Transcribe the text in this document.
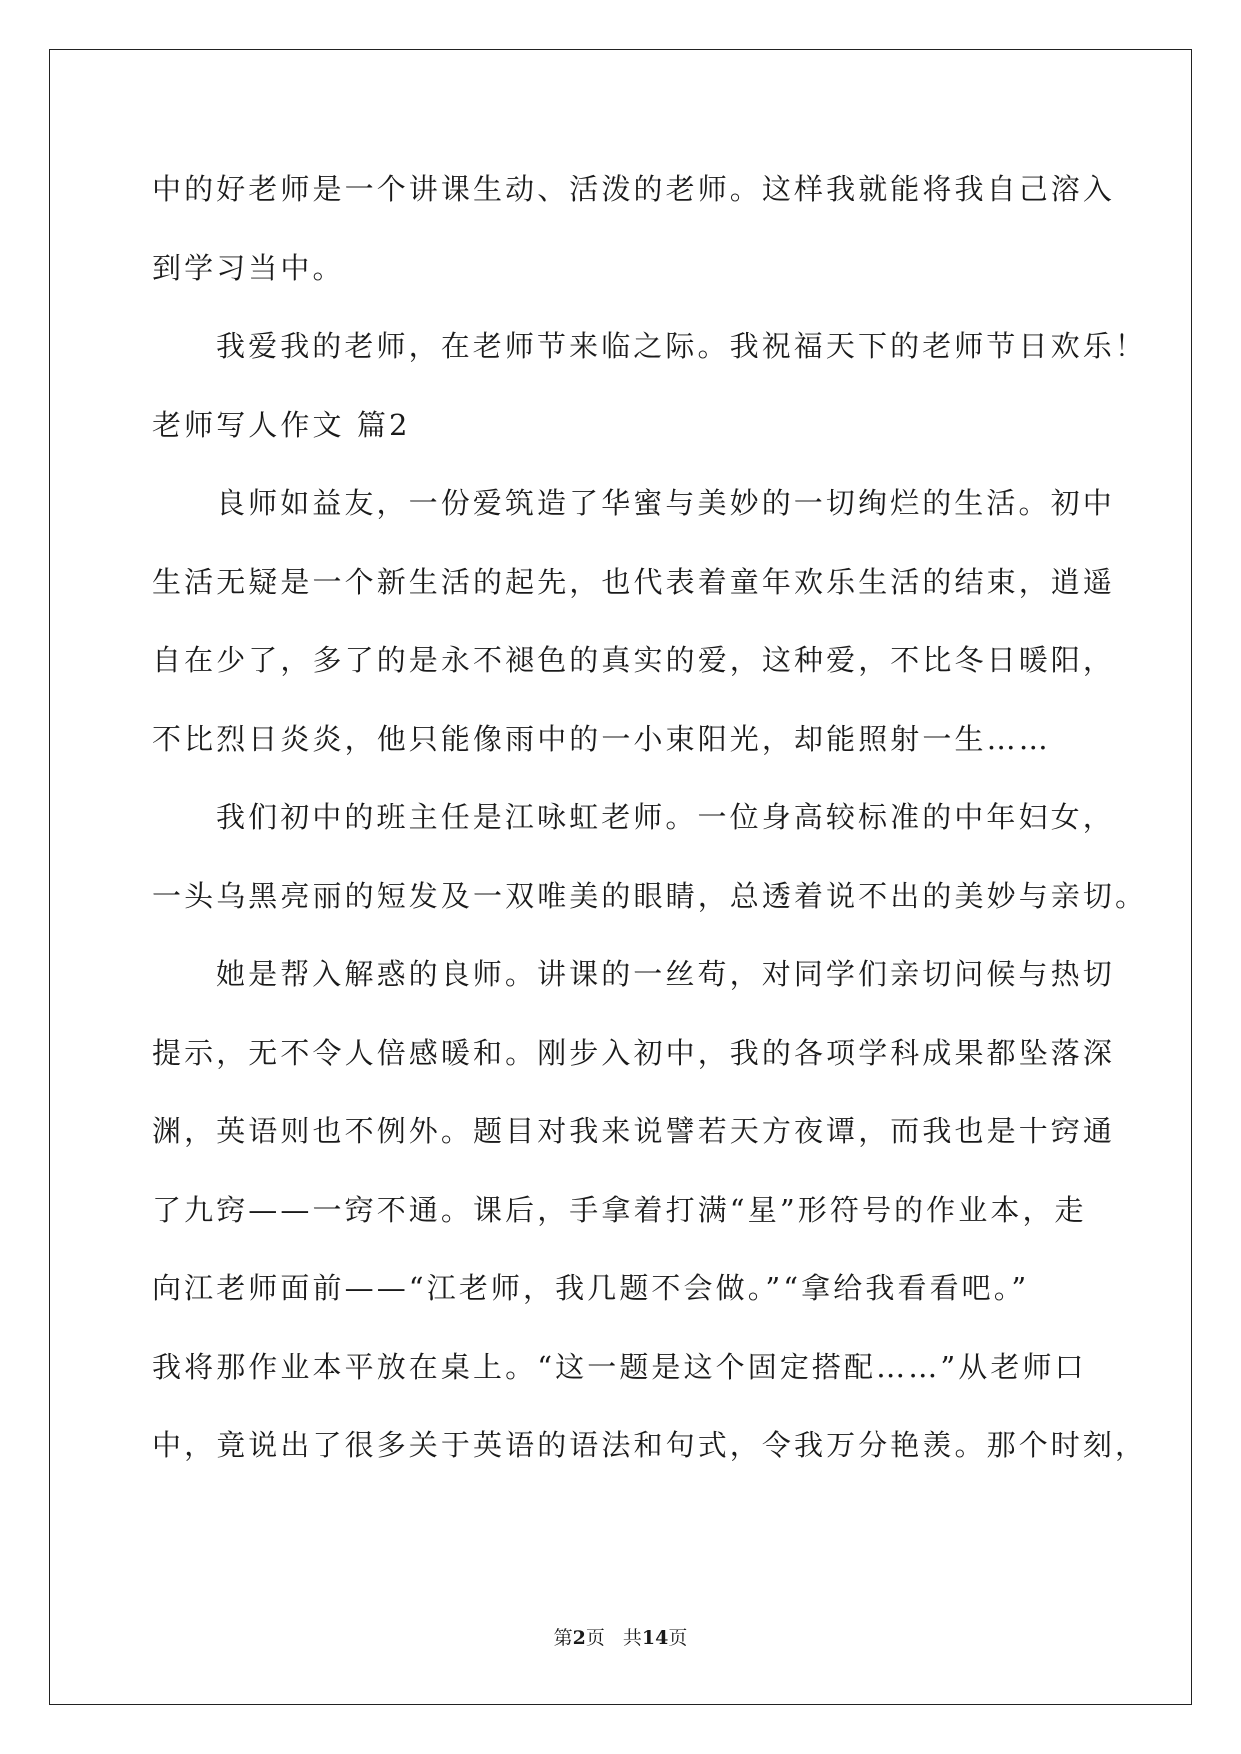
中的好老师是一个讲课生动、活泼的老师。这样我就能将我自己溶入
到学习当中。
我爱我的老师，在老师节来临之际。我祝福天下的老师节日欢乐！
老师写人作文 篇2
良师如益友，一份爱筑造了华蜜与美妙的一切绚烂的生活。初中
生活无疑是一个新生活的起先，也代表着童年欢乐生活的结束，逍遥
自在少了，多了的是永不褪色的真实的爱，这种爱，不比冬日暖阳，
不比烈日炎炎，他只能像雨中的一小束阳光，却能照射一生……
我们初中的班主任是江咏虹老师。一位身高较标准的中年妇女，
一头乌黑亮丽的短发及一双唯美的眼睛，总透着说不出的美妙与亲切。
她是帮入解惑的良师。讲课的一丝苟，对同学们亲切问候与热切
提示，无不令人倍感暖和。刚步入初中，我的各项学科成果都坠落深
渊，英语则也不例外。题目对我来说譬若天方夜谭，而我也是十窍通
了九窍——一窍不通。课后，手拿着打满“星”形符号的作业本，走
向江老师面前——“江老师，我几题不会做。”“拿给我看看吧。”
我将那作业本平放在桌上。“这一题是这个固定搭配……”从老师口
中，竟说出了很多关于英语的语法和句式，令我万分艳羡。那个时刻，
第2页 共14页
